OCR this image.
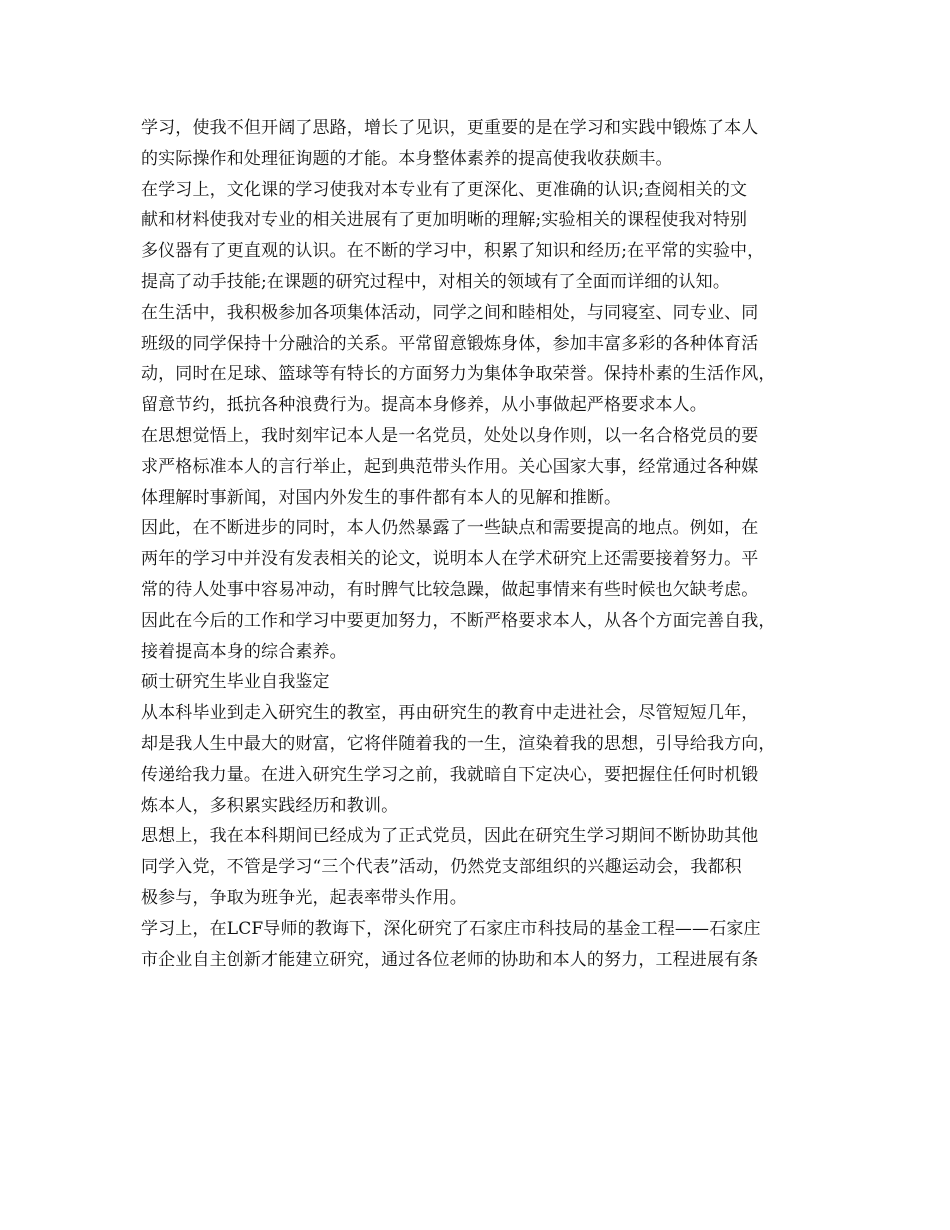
学习，使我不但开阔了思路，增长了见识，更重要的是在学习和实践中锻炼了本人
的实际操作和处理征询题的才能。本身整体素养的提高使我收获颇丰。
在学习上，文化课的学习使我对本专业有了更深化、更准确的认识;查阅相关的文
献和材料使我对专业的相关进展有了更加明晰的理解;实验相关的课程使我对特别
多仪器有了更直观的认识。在不断的学习中，积累了知识和经历;在平常的实验中，
提高了动手技能;在课题的研究过程中，对相关的领域有了全面而详细的认知。
在生活中，我积极参加各项集体活动，同学之间和睦相处，与同寝室、同专业、同
班级的同学保持十分融洽的关系。平常留意锻炼身体，参加丰富多彩的各种体育活
动，同时在足球、篮球等有特长的方面努力为集体争取荣誉。保持朴素的生活作风，
留意节约，抵抗各种浪费行为。提高本身修养，从小事做起严格要求本人。
在思想觉悟上，我时刻牢记本人是一名党员，处处以身作则，以一名合格党员的要
求严格标准本人的言行举止，起到典范带头作用。关心国家大事，经常通过各种媒
体理解时事新闻，对国内外发生的事件都有本人的见解和推断。
因此，在不断进步的同时，本人仍然暴露了一些缺点和需要提高的地点。例如，在
两年的学习中并没有发表相关的论文，说明本人在学术研究上还需要接着努力。平
常的待人处事中容易冲动，有时脾气比较急躁，做起事情来有些时候也欠缺考虑。
因此在今后的工作和学习中要更加努力，不断严格要求本人，从各个方面完善自我，
接着提高本身的综合素养。
硕士研究生毕业自我鉴定
从本科毕业到走入研究生的教室，再由研究生的教育中走进社会，尽管短短几年，
却是我人生中最大的财富，它将伴随着我的一生，渲染着我的思想，引导给我方向，
传递给我力量。在进入研究生学习之前，我就暗自下定决心，要把握住任何时机锻
炼本人，多积累实践经历和教训。
思想上，我在本科期间已经成为了正式党员，因此在研究生学习期间不断协助其他
同学入党，不管是学习“三个代表”活动，仍然党支部组织的兴趣运动会，我都积
极参与，争取为班争光，起表率带头作用。
学习上，在LCF导师的教诲下，深化研究了石家庄市科技局的基金工程——石家庄
市企业自主创新才能建立研究，通过各位老师的协助和本人的努力，工程进展有条
